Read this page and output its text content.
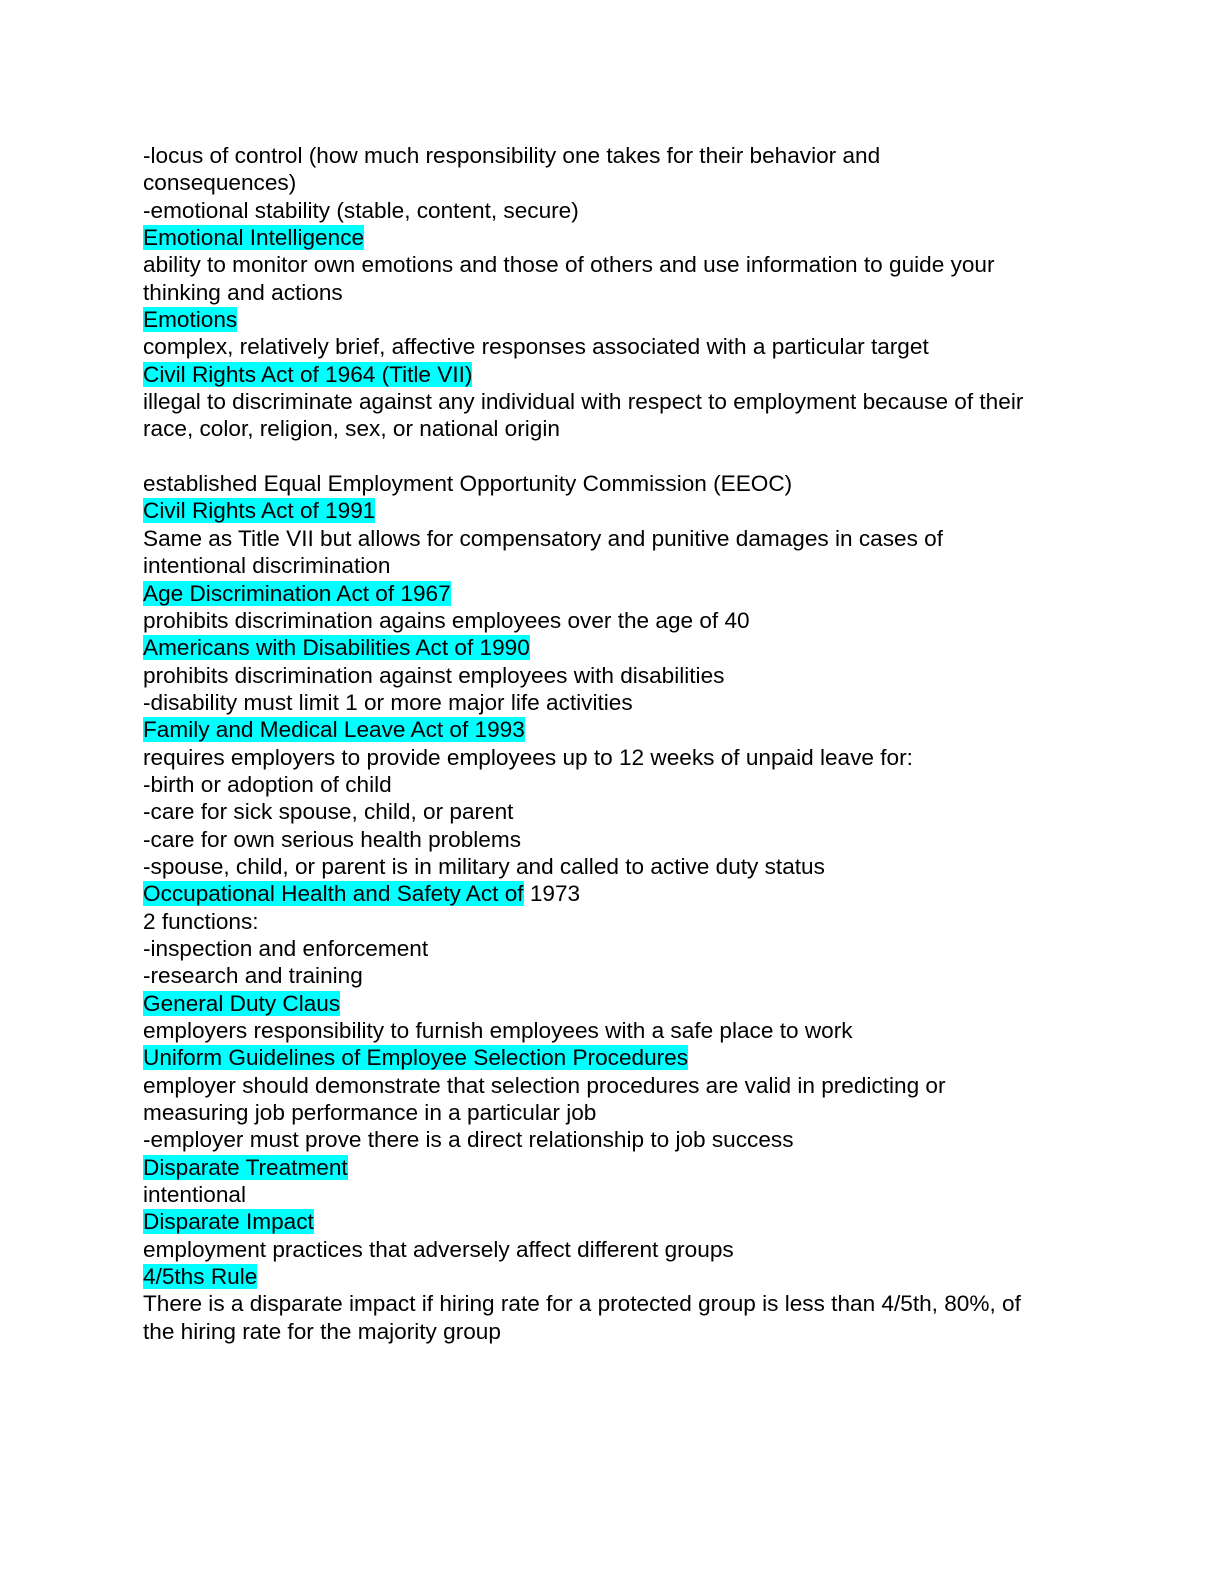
-locus of control (how much responsibility one takes for their behavior and
consequences)
-emotional stability (stable, content, secure)
Emotional Intelligence
ability to monitor own emotions and those of others and use information to guide your
thinking and actions
Emotions
complex, relatively brief, affective responses associated with a particular target
Civil Rights Act of 1964 (Title VII)
illegal to discriminate against any individual with respect to employment because of their
race, color, religion, sex, or national origin
established Equal Employment Opportunity Commission (EEOC)
Civil Rights Act of 1991
Same as Title VII but allows for compensatory and punitive damages in cases of
intentional discrimination
Age Discrimination Act of 1967
prohibits discrimination agains employees over the age of 40
Americans with Disabilities Act of 1990
prohibits discrimination against employees with disabilities
-disability must limit 1 or more major life activities
Family and Medical Leave Act of 1993
requires employers to provide employees up to 12 weeks of unpaid leave for:
-birth or adoption of child
-care for sick spouse, child, or parent
-care for own serious health problems
-spouse, child, or parent is in military and called to active duty status
Occupational Health and Safety Act of 1973
2 functions:
-inspection and enforcement
-research and training
General Duty Claus
employers responsibility to furnish employees with a safe place to work
Uniform Guidelines of Employee Selection Procedures
employer should demonstrate that selection procedures are valid in predicting or
measuring job performance in a particular job
-employer must prove there is a direct relationship to job success
Disparate Treatment
intentional
Disparate Impact
employment practices that adversely affect different groups
4/5ths Rule
There is a disparate impact if hiring rate for a protected group is less than 4/5th, 80%, of
the hiring rate for the majority group
